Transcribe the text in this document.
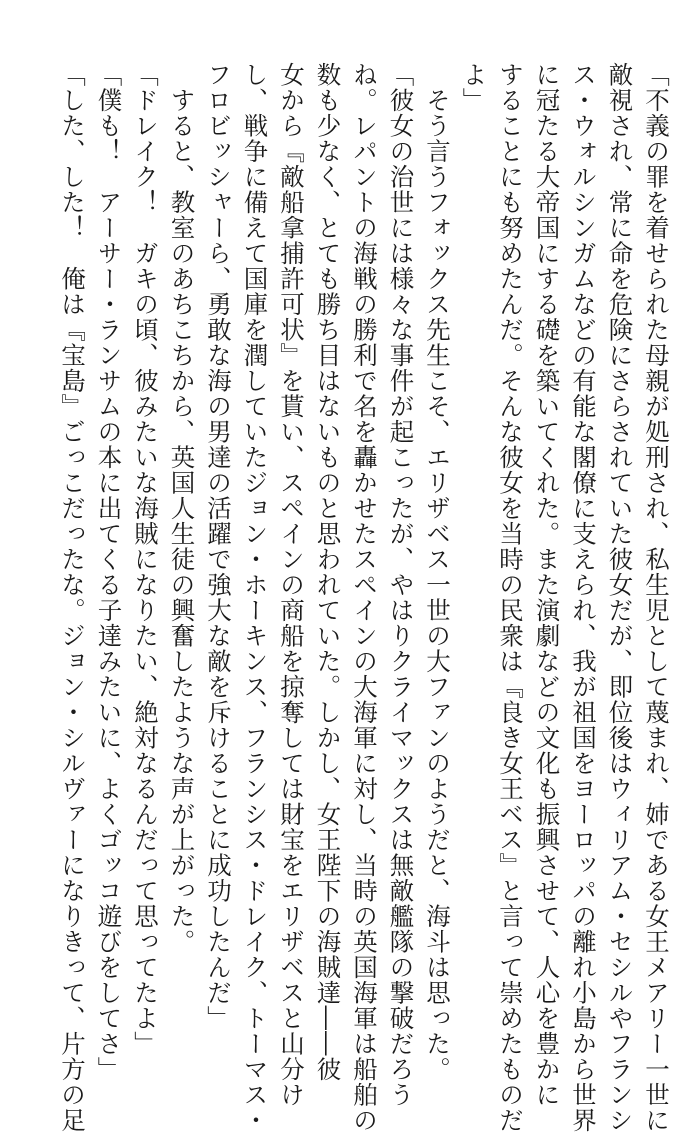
「不義の罪を着せられた母親が処刑され、私生児として蔑まれ、姉である女王メアリー一世に
敵視され、常に命を危険にさらされていた彼女だが、即位後はウィリアム・セシルやフランシ
ス・ウォルシンガムなどの有能な閣僚に支えられ、我が祖国をヨーロッパの離れ小島から世界
に冠たる大帝国にする礎を築いてくれた。また演劇などの文化も振興させて、人心を豊かに
することにも努めたんだ。そんな彼女を当時の民衆は『良き女王ベス』と言って崇めたものだ
よ」
　そう言うフォックス先生こそ、エリザベス一世の大ファンのようだと、海斗は思った。
「彼女の治世には様々な事件が起こったが、やはりクライマックスは無敵艦隊の撃破だろう
ね。レパントの海戦の勝利で名を轟かせたスペインの大海軍に対し、当時の英国海軍は船舶の
数も少なく、とても勝ち目はないものと思われていた。しかし、女王陛下の海賊達――彼
女から『敵船拿捕許可状』を貰い、スペインの商船を掠奪しては財宝をエリザベスと山分け
し、戦争に備えて国庫を潤していたジョン・ホーキンス、フランシス・ドレイク、トーマス・
フロビッシャーら、勇敢な海の男達の活躍で強大な敵を斥けることに成功したんだ」
　すると、教室のあちこちから、英国人生徒の興奮したような声が上がった。
「ドレイク！　ガキの頃、彼みたいな海賊になりたい、絶対なるんだって思ってたよ」
「僕も！　アーサー・ランサムの本に出てくる子達みたいに、よくゴッコ遊びをしてさ」
「した、した！　俺は『宝島』ごっこだったな。ジョン・シルヴァーになりきって、片方の足
